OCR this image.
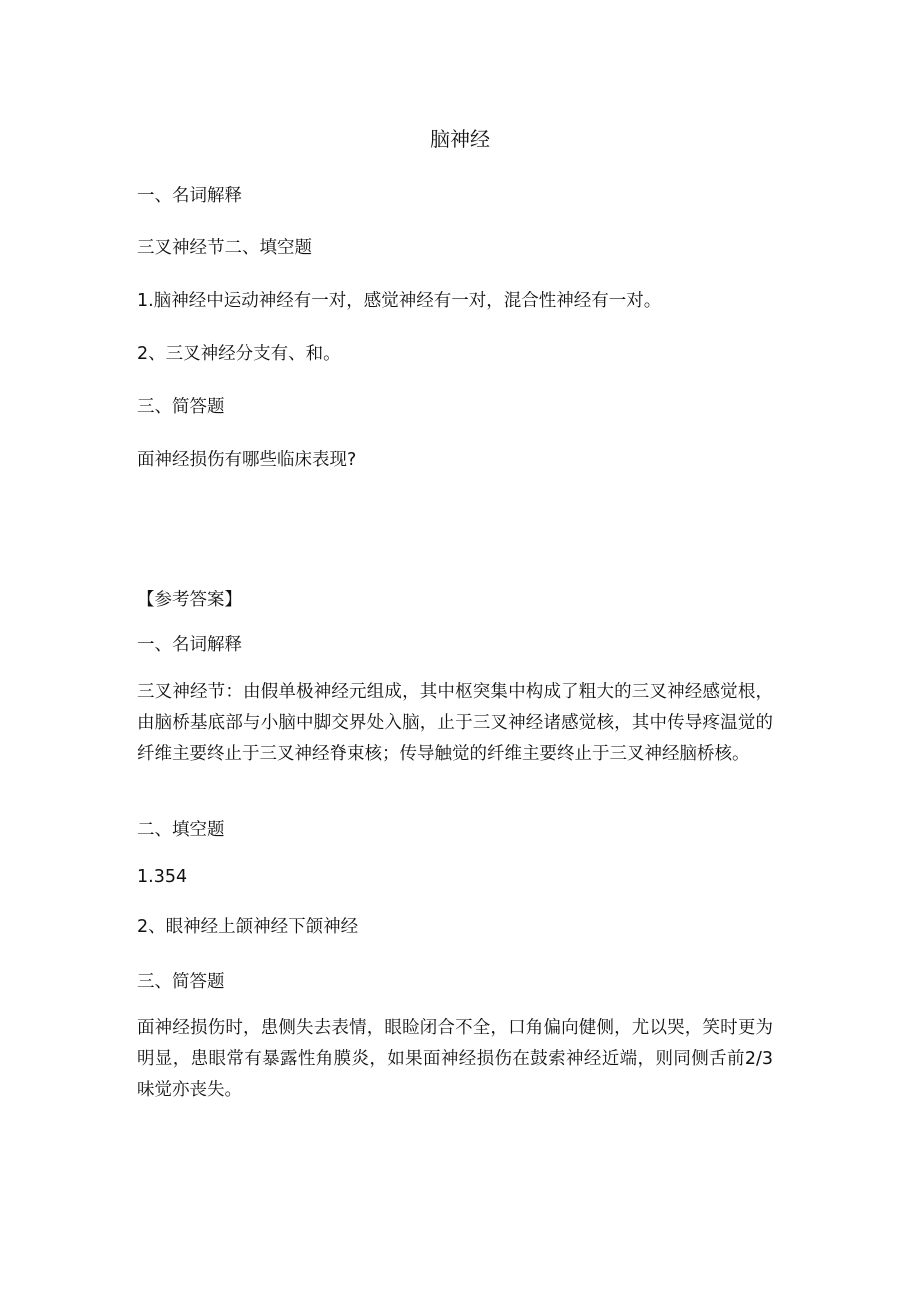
脑神经

一、名词解释

三叉神经节二、填空题

1.脑神经中运动神经有一对，感觉神经有一对，混合性神经有一对。

2、三叉神经分支有、和。

三、简答题

面神经损伤有哪些临床表现?

【参考答案】

一、名词解释

三叉神经节：由假单极神经元组成，其中枢突集中构成了粗大的三叉神经感觉根，由脑桥基底部与小脑中脚交界处入脑，止于三叉神经诸感觉核，其中传导疼温觉的纤维主要终止于三叉神经脊束核；传导触觉的纤维主要终止于三叉神经脑桥核。

二、填空题

1.354

2、眼神经上颌神经下颌神经

三、简答题

面神经损伤时，患侧失去表情，眼睑闭合不全，口角偏向健侧，尤以哭，笑时更为明显，患眼常有暴露性角膜炎，如果面神经损伤在鼓索神经近端，则同侧舌前2/3味觉亦丧失。
